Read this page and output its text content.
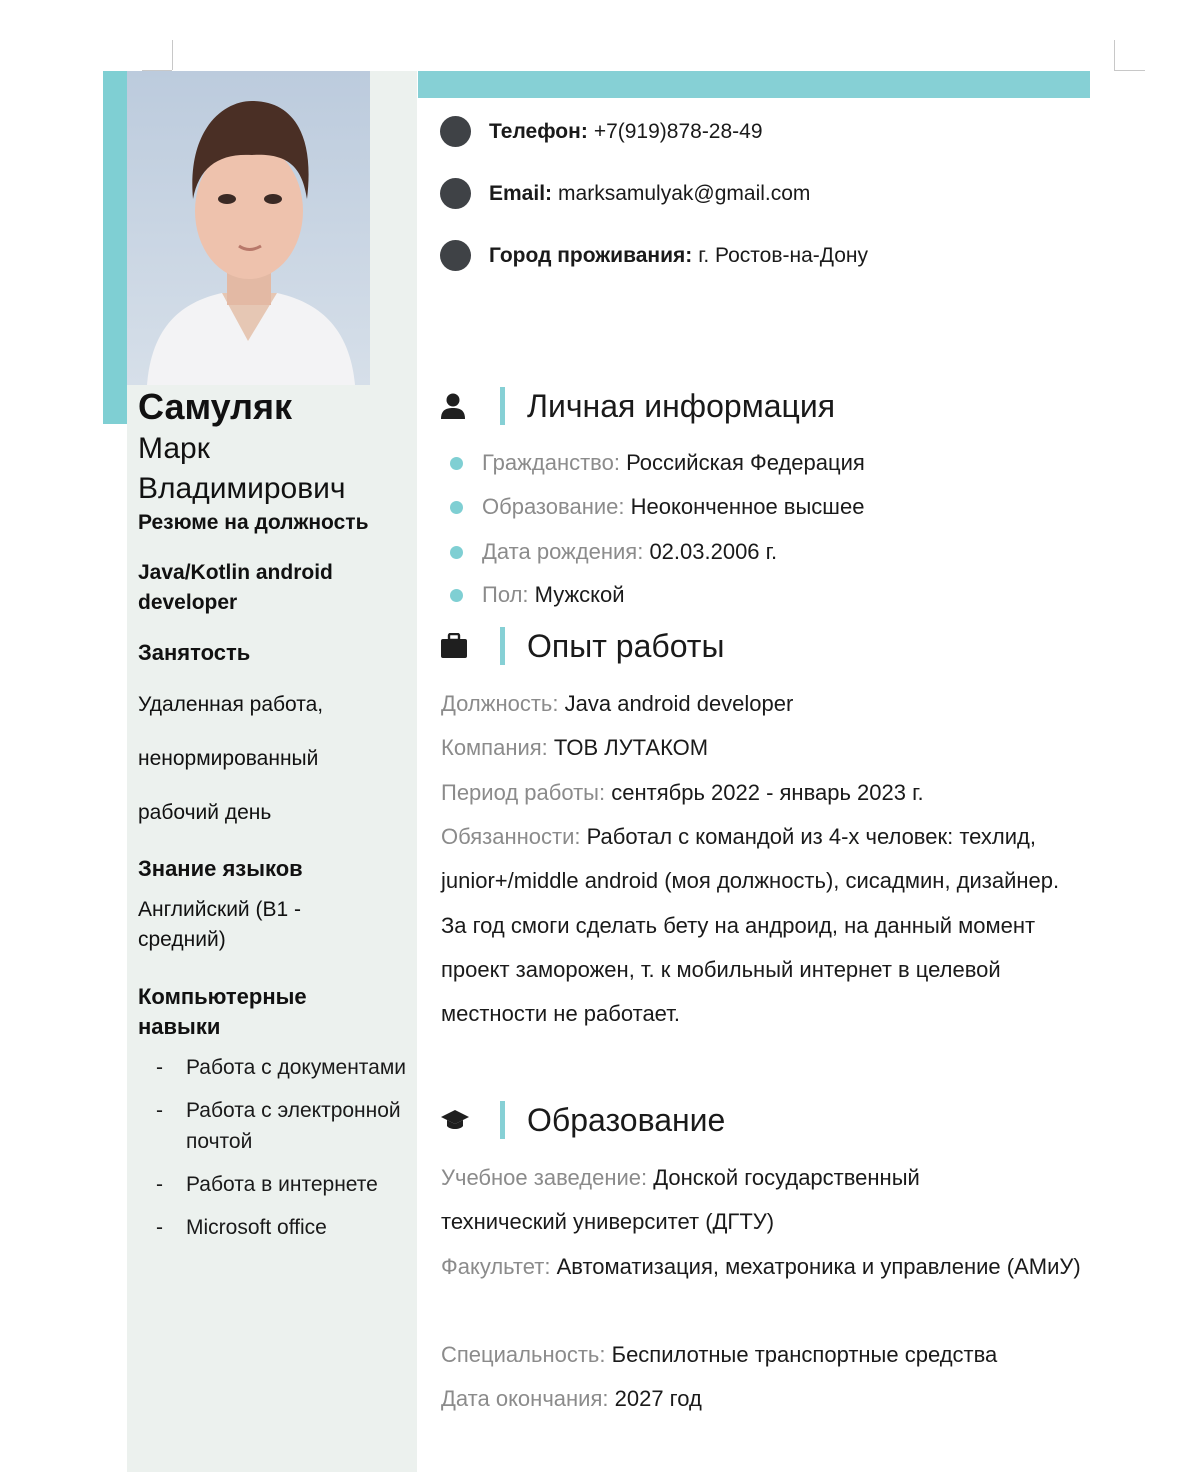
Самуляк
Марк
Владимирович
Резюме на должность
Java/Kotlin android developer
Занятость
Удаленная работа,
ненормированный
рабочий день
Знание языков
Английский (B1 - средний)
Компьютерные навыки
- Работа с документами
- Работа с электронной почтой
- Работа в интернете
- Microsoft office
Телефон: +7(919)878-28-49
Email: marksamulyak@gmail.com
Город проживания: г. Ростов-на-Дону
Личная информация
Гражданство:
Российская Федерация
Образование:
Неоконченное высшее
Дата рождения:
02.03.2006 г.
Пол:
Мужской
Опыт работы
Должность: Java android developer
Компания: ТОВ ЛУТАКОМ
Период работы: сентябрь 2022 - январь 2023 г.
Обязанности: Работал с командой из 4-х человек: техлид, junior+/middle android (моя должность), сисадмин, дизайнер. За год смоги сделать бету на андроид, на данный момент проект заморожен, т. к мобильный интернет в целевой местности не работает.
Образование
Учебное заведение: Донской государственный технический университет (ДГТУ)
Факультет: Автоматизация, мехатроника и управление (АМиУ)
Специальность: Беспилотные транспортные средства
Дата окончания: 2027 год
